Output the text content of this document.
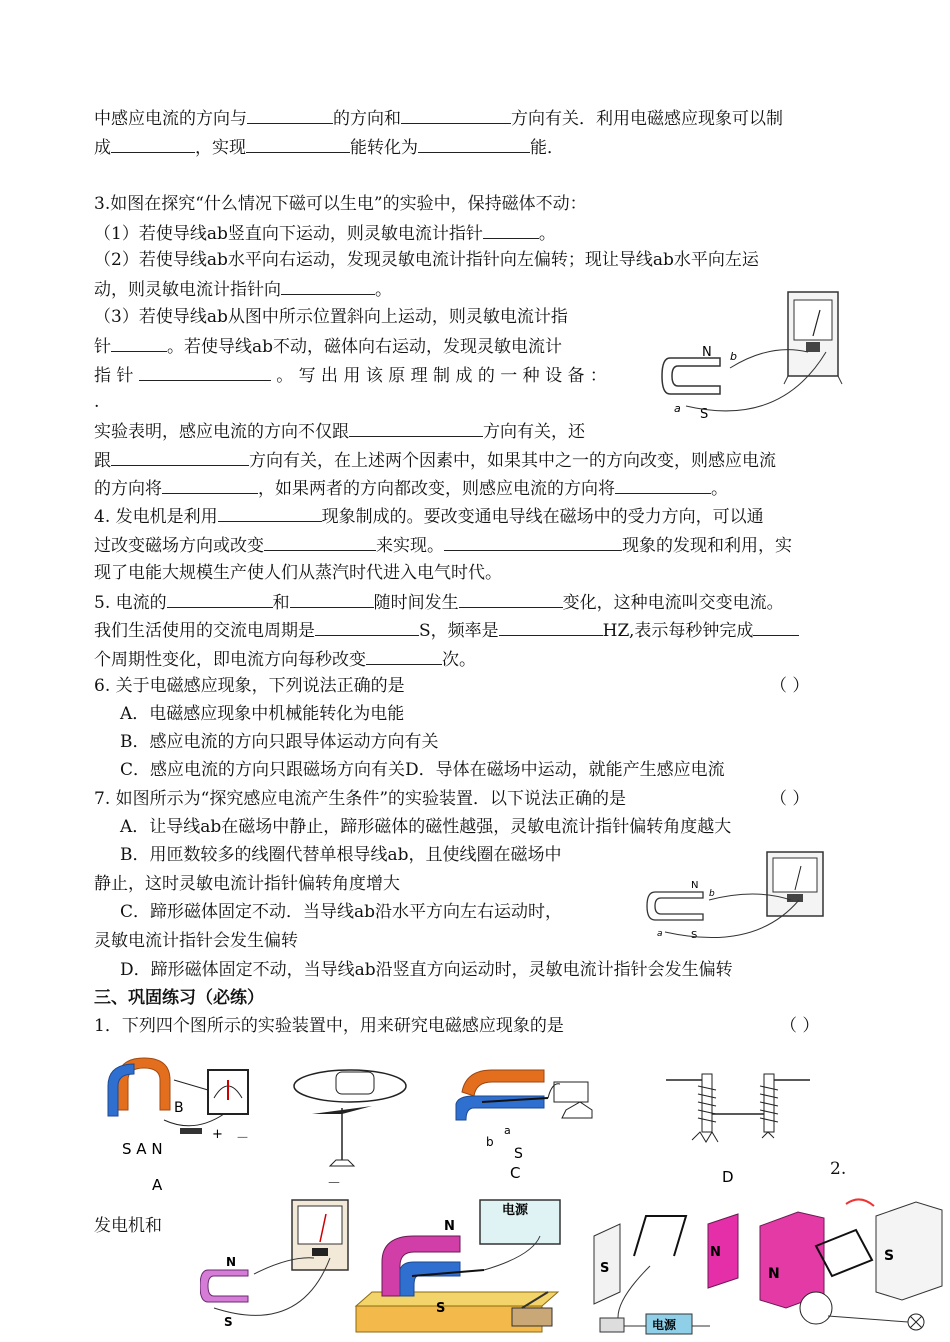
中感应电流的方向与	的方向和	方向有关．利用电磁感应现象可以制
成	，实现	能转化为	能．
3.如图在探究“什么情况下磁可以生电”的实验中，保持磁体不动：
（1）若使导线ab竖直向下运动，则灵敏电流计指针	。
（2）若使导线ab水平向右运动，发现灵敏电流计指针向左偏转；现让导线ab水平向左运
动，则灵敏电流计指针向	。
（3）若使导线ab从图中所示位置斜向上运动，则灵敏电流计指
针	。若使导线ab不动，磁体向右运动，发现灵敏电流计
指 针	。 写 出 用 该 原 理 制 成 的 一 种 设 备 ：
.
实验表明，感应电流的方向不仅跟	方向有关，还
跟	方向有关，在上述两个因素中，如果其中之一的方向改变，则感应电流
的方向将	，如果两者的方向都改变，则感应电流的方向将	。
4. 发电机是利用	现象制成的。要改变通电导线在磁场中的受力方向，可以通
过改变磁场方向或改变	来实现。	现象的发现和利用，实
现了电能大规模生产使人们从蒸汽时代进入电气时代。
5. 电流的	和	随时间发生	变化，这种电流叫交变电流。
我们生活使用的交流电周期是	S，频率是	HZ,表示每秒钟完成
个周期性变化，即电流方向每秒改变	次。
6. 关于电磁感应现象，下列说法正确的是	（ ）
A．电磁感应现象中机械能转化为电能
B．感应电流的方向只跟导体运动方向有关
C．感应电流的方向只跟磁场方向有关D．导体在磁场中运动，就能产生感应电流
7. 如图所示为“探究感应电流产生条件”的实验装置．以下说法正确的是	（ ）
A．让导线ab在磁场中静止，蹄形磁体的磁性越强，灵敏电流计指针偏转角度越大
B．用匝数较多的线圈代替单根导线ab，且使线圈在磁场中
静止，这时灵敏电流计指针偏转角度增大
C．蹄形磁体固定不动．当导线ab沿水平方向左右运动时，
灵敏电流计指针会发生偏转
D．蹄形磁体固定不动，当导线ab沿竖直方向运动时，灵敏电流计指针会发生偏转
三、巩固练习（必练）
1．下列四个图所示的实验装置中，用来研究电磁感应现象的是	（ ）
2.
发电机和
N
S
b
a
N
S
b
a
B
+ －
S A N
A	－
b
a
S
C	D
N
S
电源
N
S
S
N
电源
N
S
